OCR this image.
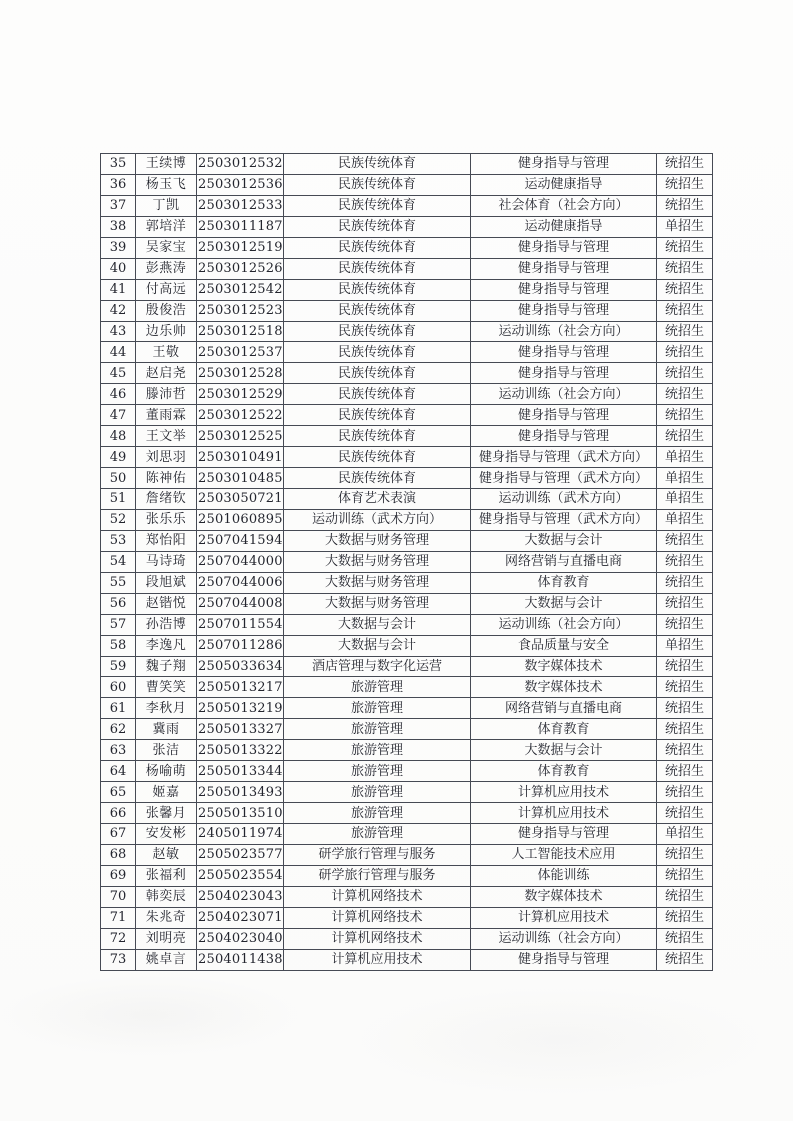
35	王续博	2503012532	民族传统体育	健身指导与管理	统招生
36	杨玉飞	2503012536	民族传统体育	运动健康指导	统招生
37	丁凯	2503012533	民族传统体育	社会体育（社会方向）	统招生
38	郭培洋	2503011187	民族传统体育	运动健康指导	单招生
39	吴家宝	2503012519	民族传统体育	健身指导与管理	统招生
40	彭燕涛	2503012526	民族传统体育	健身指导与管理	统招生
41	付高远	2503012542	民族传统体育	健身指导与管理	统招生
42	殷俊浩	2503012523	民族传统体育	健身指导与管理	统招生
43	边乐帅	2503012518	民族传统体育	运动训练（社会方向）	统招生
44	王敬	2503012537	民族传统体育	健身指导与管理	统招生
45	赵启尧	2503012528	民族传统体育	健身指导与管理	统招生
46	滕沛哲	2503012529	民族传统体育	运动训练（社会方向）	统招生
47	董雨霖	2503012522	民族传统体育	健身指导与管理	统招生
48	王文举	2503012525	民族传统体育	健身指导与管理	统招生
49	刘思羽	2503010491	民族传统体育	健身指导与管理（武术方向）	单招生
50	陈神佑	2503010485	民族传统体育	健身指导与管理（武术方向）	单招生
51	詹绪钦	2503050721	体育艺术表演	运动训练（武术方向）	单招生
52	张乐乐	2501060895	运动训练（武术方向）	健身指导与管理（武术方向）	单招生
53	郑怡阳	2507041594	大数据与财务管理	大数据与会计	统招生
54	马诗琦	2507044000	大数据与财务管理	网络营销与直播电商	统招生
55	段旭斌	2507044006	大数据与财务管理	体育教育	统招生
56	赵锴悦	2507044008	大数据与财务管理	大数据与会计	统招生
57	孙浩博	2507011554	大数据与会计	运动训练（社会方向）	统招生
58	李逸凡	2507011286	大数据与会计	食品质量与安全	单招生
59	魏子翔	2505033634	酒店管理与数字化运营	数字媒体技术	统招生
60	曹笑笑	2505013217	旅游管理	数字媒体技术	统招生
61	李秋月	2505013219	旅游管理	网络营销与直播电商	统招生
62	冀雨	2505013327	旅游管理	体育教育	统招生
63	张洁	2505013322	旅游管理	大数据与会计	统招生
64	杨喻萌	2505013344	旅游管理	体育教育	统招生
65	姬嘉	2505013493	旅游管理	计算机应用技术	统招生
66	张馨月	2505013510	旅游管理	计算机应用技术	统招生
67	安发彬	2405011974	旅游管理	健身指导与管理	单招生
68	赵敏	2505023577	研学旅行管理与服务	人工智能技术应用	统招生
69	张福利	2505023554	研学旅行管理与服务	体能训练	统招生
70	韩奕辰	2504023043	计算机网络技术	数字媒体技术	统招生
71	朱兆奇	2504023071	计算机网络技术	计算机应用技术	统招生
72	刘明亮	2504023040	计算机网络技术	运动训练（社会方向）	统招生
73	姚卓言	2504011438	计算机应用技术	健身指导与管理	统招生
